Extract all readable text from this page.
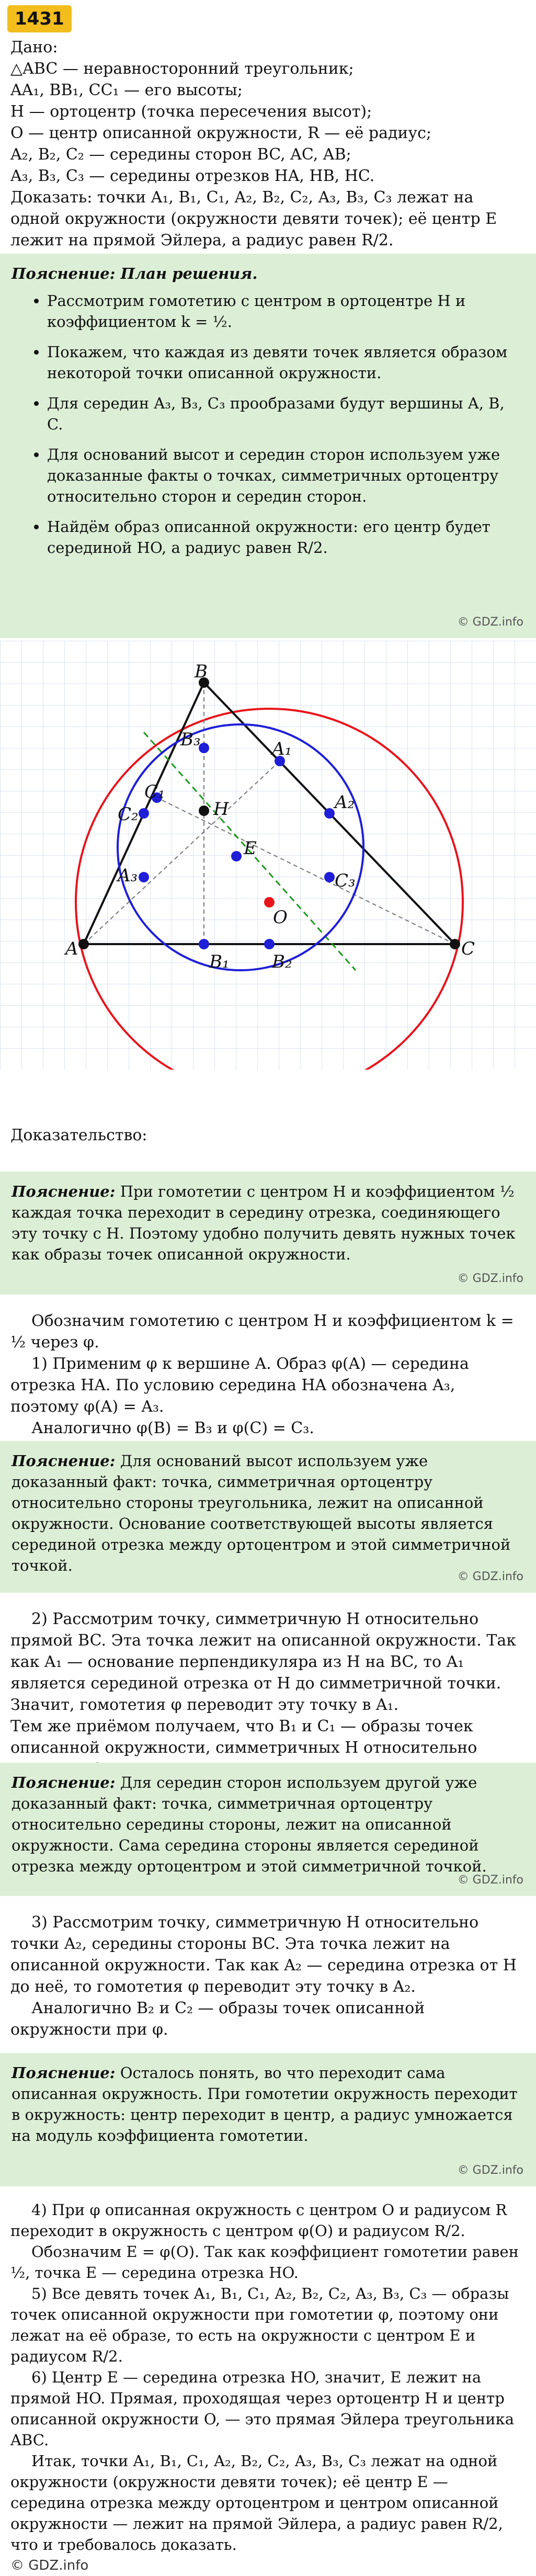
1431

Дано:

△ABC — неравносторонний треугольник;

AA₁, BB₁, CC₁ — его высоты;

H — ортоцентр (точка пересечения высот);

O — центр описанной окружности, R — её радиус;

A₂, B₂, C₂ — середины сторон BC, AC, AB;

A₃, B₃, C₃ — середины отрезков HA, HB, HC.

Доказать: точки A₁, B₁, C₁, A₂, B₂, C₂, A₃, B₃, C₃ лежат на одной окружности (окружности девяти точек); её центр E лежит на прямой Эйлера, а радиус равен R/2.

Пояснение: План решения.
• Рассмотрим гомотетию с центром в ортоцентре H и коэффициентом k = ½.
• Покажем, что каждая из девяти точек является образом некоторой точки описанной окружности.
• Для середин A₃, B₃, C₃ прообразами будут вершины A, B, C.
• Для оснований высот и середин сторон используем уже доказанные факты о точках, симметричных ортоцентру относительно сторон и середин сторон.
• Найдём образ описанной окружности: его центр будет серединой HO, а радиус равен R/2.
© GDZ.info
A
B
C
H
O
E
A₁
B₁
C₁	A₂
B₂
C₂
A₃
B₃
C₃

Доказательство:

Пояснение: При гомотетии с центром H и коэффициентом ½ каждая точка переходит в середину отрезка, соединяющего эту точку с H. Поэтому удобно получить девять нужных точек как образы точек описанной окружности.

© GDZ.info

Обозначим гомотетию с центром H и коэффициентом k = ½ через φ.

1) Применим φ к вершине A. Образ φ(A) — середина отрезка HA. По условию середина HA обозначена A₃, поэтому φ(A) = A₃.

Аналогично φ(B) = B₃ и φ(C) = C₃.

Пояснение: Для оснований высот используем уже доказанный факт: точка, симметричная ортоцентру относительно стороны треугольника, лежит на описанной окружности. Основание соответствующей высоты является серединой отрезка между ортоцентром и этой симметричной точкой.

© GDZ.info

2) Рассмотрим точку, симметричную H относительно прямой BC. Эта точка лежит на описанной окружности. Так как A₁ — основание перпендикуляра из H на BC, то A₁ является серединой отрезка от H до симметричной точки. Значит, гомотетия φ переводит эту точку в A₁.

Тем же приёмом получаем, что B₁ и C₁ — образы точек описанной окружности, симметричных H относительно

Пояснение: Для середин сторон используем другой уже доказанный факт: точка, симметричная ортоцентру относительно середины стороны, лежит на описанной окружности. Сама середина стороны является серединой отрезка между ортоцентром и этой симметричной точкой.

© GDZ.info

3) Рассмотрим точку, симметричную H относительно точки A₂, середины стороны BC. Эта точка лежит на описанной окружности. Так как A₂ — середина отрезка от H до неё, то гомотетия φ переводит эту точку в A₂.

Аналогично B₂ и C₂ — образы точек описанной окружности при φ.

Пояснение: Осталось понять, во что переходит сама описанная окружность. При гомотетии окружность переходит в окружность: центр переходит в центр, а радиус умножается на модуль коэффициента гомотетии.

© GDZ.info

4) При φ описанная окружность с центром O и радиусом R переходит в окружность с центром φ(O) и радиусом R/2.

Обозначим E = φ(O). Так как коэффициент гомотетии равен ½, точка E — середина отрезка HO.

5) Все девять точек A₁, B₁, C₁, A₂, B₂, C₂, A₃, B₃, C₃ — образы точек описанной окружности при гомотетии φ, поэтому они лежат на её образе, то есть на окружности с центром E и радиусом R/2.

6) Центр E — середина отрезка HO, значит, E лежит на прямой HO. Прямая, проходящая через ортоцентр H и центр описанной окружности O, — это прямая Эйлера треугольника ABC.

Итак, точки A₁, B₁, C₁, A₂, B₂, C₂, A₃, B₃, C₃ лежат на одной окружности (окружности девяти точек); её центр E — середина отрезка между ортоцентром и центром описанной окружности — лежит на прямой Эйлера, а радиус равен R/2, что и требовалось доказать.

© GDZ.info
